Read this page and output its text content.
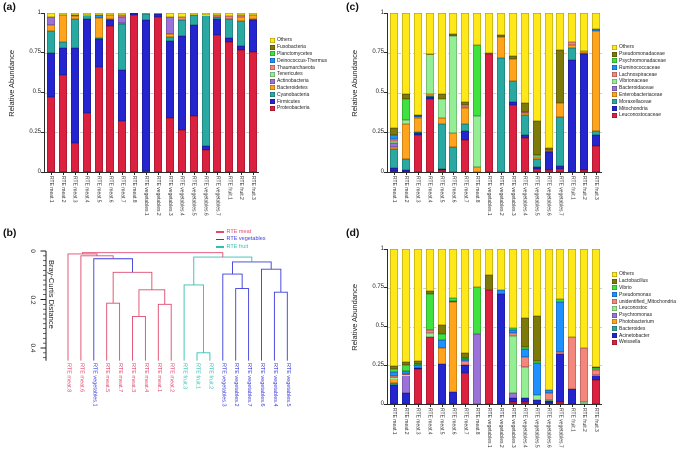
(a)
Relative Abundance
0
0.25
0.5
0.75
1
RTE meat.1 RTE meat.2 RTE meat.3 RTE meat.4 RTE meat.5 RTE meat.6 RTE meat.7 RTE meat.8 RTE vegetables.1 RTE vegetables.2 RTE vegetables.3 RTE vegetables.4 RTE vegetables.5 RTE vegetables.6 RTE vegetables.7 RTE fruit.1 RTE fruit.2 RTE fruit.3
Others
Fusobacteria
Planctomycetes
Deinococcus-Thermus
Thaumarchaeota
Tenericutes
Actinobacteria
Bacteroidetes
Cyanobacteria
Firmicutes
Proteobacteria
(c)
Relative Abundance
0
0.25
0.5
0.75
1
RTE meat.1 RTE meat.2 RTE meat.3 RTE meat.4 RTE meat.5 RTE meat.6 RTE meat.7 RTE meat.8 RTE vegetables.1 RTE vegetables.2 RTE vegetables.3 RTE vegetables.4 RTE vegetables.5 RTE vegetables.6 RTE vegetables.7 RTE fruit.1 RTE fruit.2 RTE fruit.3
Others
Pseudomonadaceae
Psychromonadaceae
Ruminococcaceae
Lachnospiraceae
Vibrionaceae
Bacteroidaceae
Enterobacteriaceae
Moraxellaceae
Mitochondria
Leuconostocaceae
(d)
Relative Abundance
0
0.25
0.5
0.75
1
RTE meat.1 RTE meat.2 RTE meat.3 RTE meat.4 RTE meat.5 RTE meat.6 RTE meat.7 RTE meat.8 RTE vegetables.1 RTE vegetables.2 RTE vegetables.3 RTE vegetables.4 RTE vegetables.5 RTE vegetables.6 RTE vegetables.7 RTE fruit.1 RTE fruit.2 RTE fruit.3
Others
Lactobacillus
Vibrio
Pseudomonas
unidentified_Mitochondria
Leuconostoc
Psychromonas
Photobacterium
Bacteroides
Acinetobacter
Weissella
(b)	RTE meat
RTE vegetables
RTE fruit
0
0.2
0.4
Bray-Curtis Distance
RTE meat.8 RTE meat.6 RTE vegetables.1 RTE meat.5 RTE meat.7 RTE meat.3 RTE meat.4 RTE meat.1 RTE meat.2 RTE fruit.3 RTE fruit.1 RTE fruit.2 RTE vegetables.3 RTE vegetables.2 RTE vegetables.7 RTE vegetables.6 RTE vegetables.4 RTE vegetables.5
